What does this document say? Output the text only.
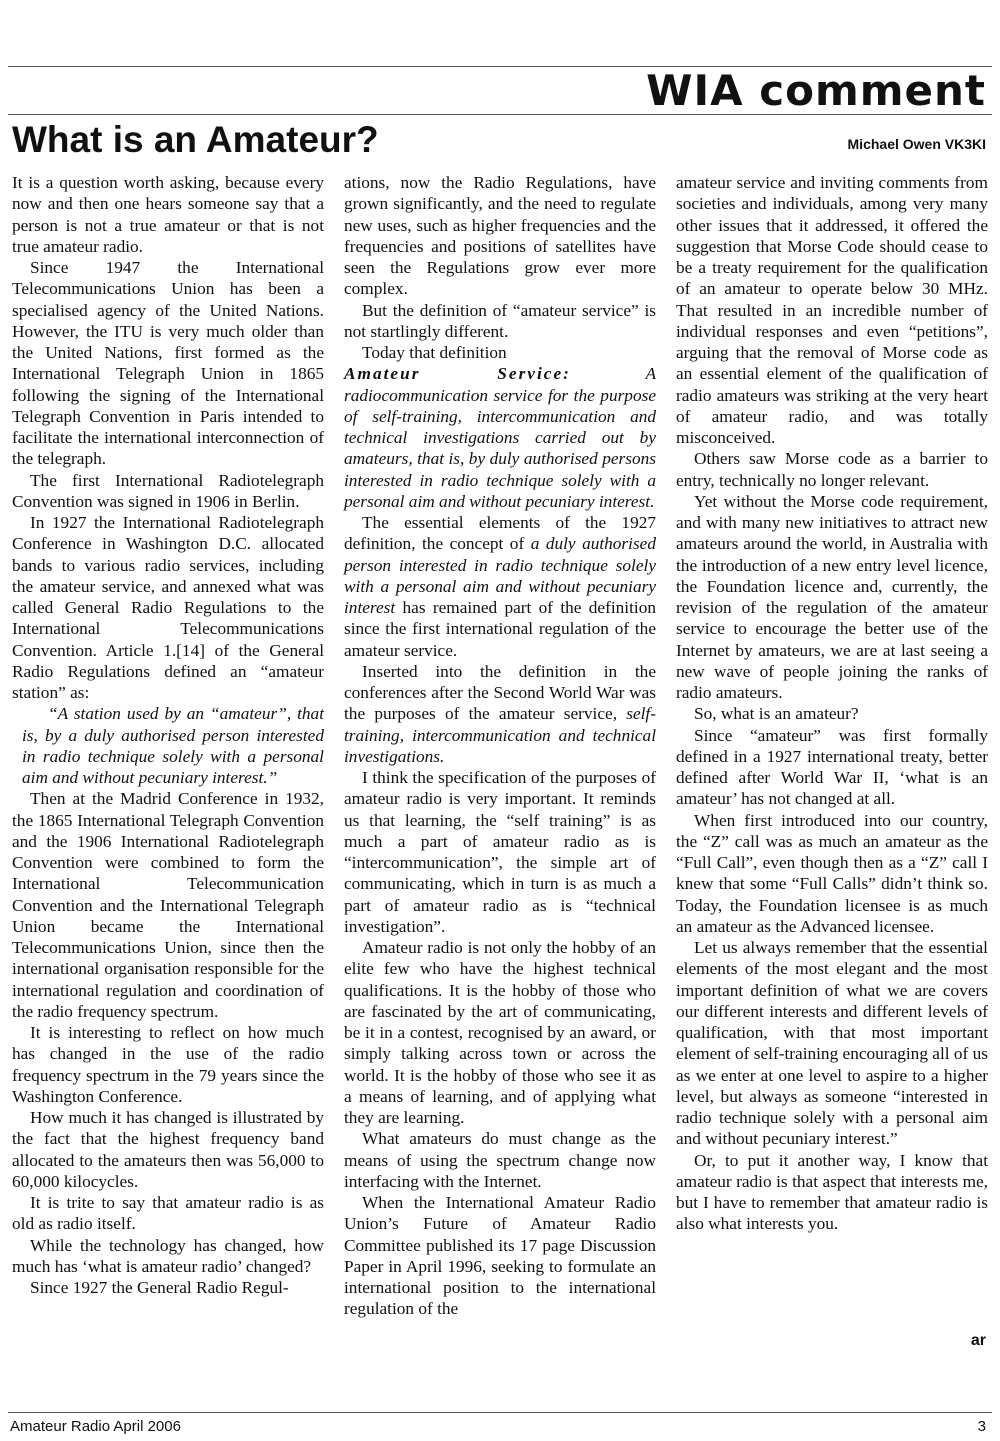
WIA comment
What is an Amateur?	Michael Owen VK3KI

It is a question worth asking, because every now and then one hears someone say that a person is not a true amateur or that is not true amateur radio.

Since 1947 the International Telecommunications Union has been a specialised agency of the United Nations. However, the ITU is very much older than the United Nations, first formed as the International Telegraph Union in 1865 following the signing of the International Telegraph Convention in Paris intended to facilitate the international interconnection of the telegraph.

The first International Radiotelegraph Convention was signed in 1906 in Berlin.

In 1927 the International Radiotelegraph Conference in Washington D.C. allocated bands to various radio services, including the amateur service, and annexed what was called General Radio Regulations to the International Telecommunications Convention. Article 1.[14] of the General Radio Regulations defined an “amateur station” as:

“A station used by an “amateur”, that is, by a duly authorised person interested in radio technique solely with a personal aim and without pecuniary interest.”

Then at the Madrid Conference in 1932, the 1865 International Telegraph Convention and the 1906 International Radiotelegraph Convention were combined to form the International Telecommunication Convention and the International Telegraph Union became the International Telecommunications Union, since then the international organisation responsible for the international regulation and coordination of the radio frequency spectrum.

It is interesting to reflect on how much has changed in the use of the radio frequency spectrum in the 79 years since the Washington Conference.

How much it has changed is illustrated by the fact that the highest frequency band allocated to the amateurs then was 56,000 to 60,000 kilocycles.

It is trite to say that amateur radio is as old as radio itself.

While the technology has changed, how much has ‘what is amateur radio’ changed?

Since 1927 the General Radio Regul-

ations, now the Radio Regulations, have grown significantly, and the need to regulate new uses, such as higher frequencies and the frequencies and positions of satellites have seen the Regulations grow ever more complex.

But the definition of “amateur service” is not startlingly different.

Today that definition

Amateur Service: A radiocommunication service for the purpose of self-training, intercommunication and technical investigations carried out by amateurs, that is, by duly authorised persons interested in radio technique solely with a personal aim and without pecuniary interest.

The essential elements of the 1927 definition, the concept of a duly authorised person interested in radio technique solely with a personal aim and without pecuniary interest has remained part of the definition since the first international regulation of the amateur service.

Inserted into the definition in the conferences after the Second World War was the purposes of the amateur service, self-training, intercommunication and technical investigations.

I think the specification of the purposes of amateur radio is very important. It reminds us that learning, the “self training” is as much a part of amateur radio as is “intercommunication”, the simple art of communicating, which in turn is as much a part of amateur radio as is “technical investigation”.

Amateur radio is not only the hobby of an elite few who have the highest technical qualifications. It is the hobby of those who are fascinated by the art of communicating, be it in a contest, recognised by an award, or simply talking across town or across the world. It is the hobby of those who see it as a means of learning, and of applying what they are learning.

What amateurs do must change as the means of using the spectrum change now interfacing with the Internet.

When the International Amateur Radio Union’s Future of Amateur Radio Committee published its 17 page Discussion Paper in April 1996, seeking to formulate an international position to the international regulation of the

amateur service and inviting comments from societies and individuals, among very many other issues that it addressed, it offered the suggestion that Morse Code should cease to be a treaty requirement for the qualification of an amateur to operate below 30 MHz. That resulted in an incredible number of individual responses and even “petitions”, arguing that the removal of Morse code as an essential element of the qualification of radio amateurs was striking at the very heart of amateur radio, and was totally misconceived.

Others saw Morse code as a barrier to entry, technically no longer relevant.

Yet without the Morse code requirement, and with many new initiatives to attract new amateurs around the world, in Australia with the introduction of a new entry level licence, the Foundation licence and, currently, the revision of the regulation of the amateur service to encourage the better use of the Internet by amateurs, we are at last seeing a new wave of people joining the ranks of radio amateurs.

So, what is an amateur?

Since “amateur” was first formally defined in a 1927 international treaty, better defined after World War II, ‘what is an amateur’ has not changed at all.

When first introduced into our country, the “Z” call was as much an amateur as the “Full Call”, even though then as a “Z” call I knew that some “Full Calls” didn’t think so. Today, the Foundation licensee is as much an amateur as the Advanced licensee.

Let us always remember that the essential elements of the most elegant and the most important definition of what we are covers our different interests and different levels of qualification, with that most important element of self-training encouraging all of us as we enter at one level to aspire to a higher level, but always as someone “interested in radio technique solely with a personal aim and without pecuniary interest.”

Or, to put it another way, I know that amateur radio is that aspect that interests me, but I have to remember that amateur radio is also what interests you.

ar
Amateur Radio April 2006	3
